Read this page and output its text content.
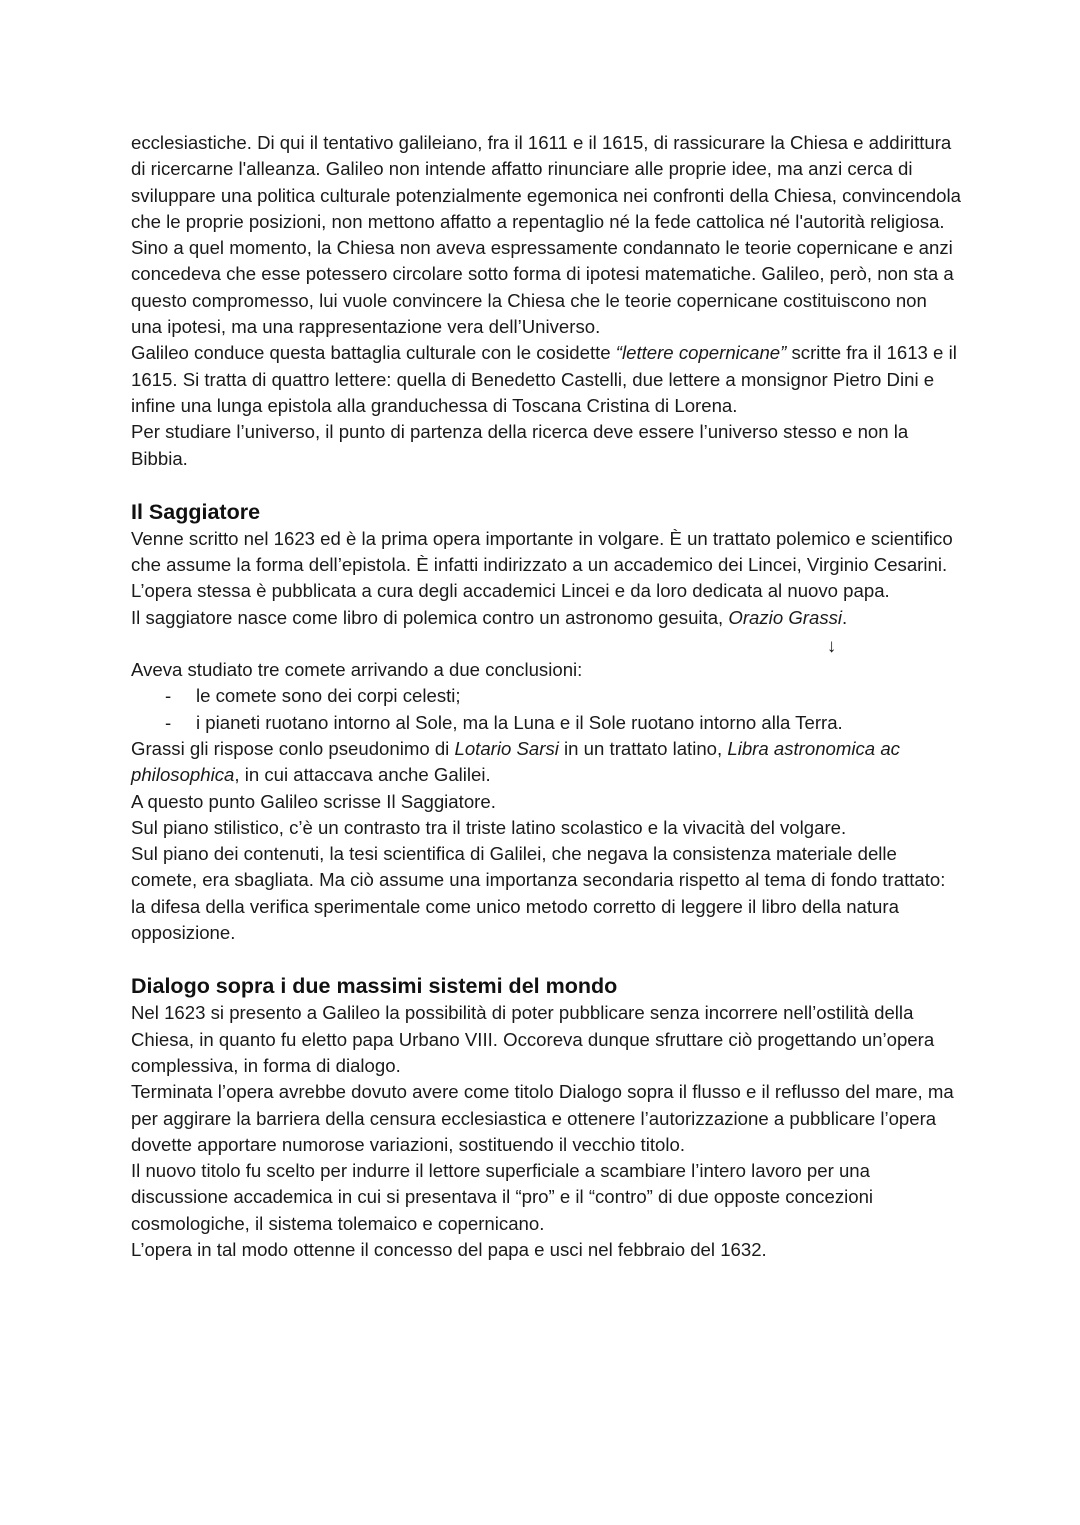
ecclesiastiche. Di qui il tentativo galileiano, fra il 1611 e il 1615, di rassicurare la Chiesa e addirittura di ricercarne l'alleanza. Galileo non intende affatto rinunciare alle proprie idee, ma anzi cerca di sviluppare una politica culturale potenzialmente egemonica nei confronti della Chiesa, convincendola che le proprie posizioni, non mettono affatto a repentaglio né la fede cattolica né l'autorità religiosa.

Sino a quel momento, la Chiesa non aveva espressamente condannato le teorie copernicane e anzi concedeva che esse potessero circolare sotto forma di ipotesi matematiche. Galileo, però, non sta a questo compromesso, lui vuole convincere la Chiesa che le teorie copernicane costituiscono non una ipotesi, ma una rappresentazione vera dell’Universo.

Galileo conduce questa battaglia culturale con le cosidette “lettere copernicane” scritte fra il 1613 e il 1615. Si tratta di quattro lettere: quella di Benedetto Castelli, due lettere a monsignor Pietro Dini e infine una lunga epistola alla granduchessa di Toscana Cristina di Lorena.

Per studiare l’universo, il punto di partenza della ricerca deve essere l’universo stesso e non la Bibbia.

Il Saggiatore

Venne scritto nel 1623 ed è la prima opera importante in volgare. È un trattato polemico e scientifico che assume la forma dell’epistola. È infatti indirizzato a un accademico dei Lincei, Virginio Cesarini. L’opera stessa è pubblicata a cura degli accademici Lincei e da loro dedicata al nuovo papa.

Il saggiatore nasce come libro di polemica contro un astronomo gesuita, Orazio Grassi.

↓

Aveva studiato tre comete arrivando a due conclusioni:

- le comete sono dei corpi celesti;
- i pianeti ruotano intorno al Sole, ma la Luna e il Sole ruotano intorno alla Terra.

Grassi gli rispose conlo pseudonimo di Lotario Sarsi in un trattato latino, Libra astronomica ac philosophica, in cui attaccava anche Galilei.

A questo punto Galileo scrisse Il Saggiatore.

Sul piano stilistico, c’è un contrasto tra il triste latino scolastico e la vivacità del volgare.

Sul piano dei contenuti, la tesi scientifica di Galilei, che negava la consistenza materiale delle comete, era sbagliata. Ma ciò assume una importanza secondaria rispetto al tema di fondo trattato: la difesa della verifica sperimentale come unico metodo corretto di leggere il libro della natura opposizione.

Dialogo sopra i due massimi sistemi del mondo

Nel 1623 si presento a Galileo la possibilità di poter pubblicare senza incorrere nell’ostilità della Chiesa, in quanto fu eletto papa Urbano VIII. Occoreva dunque sfruttare ciò progettando un’opera complessiva, in forma di dialogo.

Terminata l’opera avrebbe dovuto avere come titolo Dialogo sopra il flusso e il reflusso del mare, ma per aggirare la barriera della censura ecclesiastica e ottenere l’autorizzazione a pubblicare l’opera dovette apportare numorose variazioni, sostituendo il vecchio titolo.

Il nuovo titolo fu scelto per indurre il lettore superficiale a scambiare l’intero lavoro per una discussione accademica in cui si presentava il “pro” e il “contro” di due opposte concezioni cosmologiche, il sistema tolemaico e copernicano.

L’opera in tal modo ottenne il concesso del papa e usci nel febbraio del 1632.
